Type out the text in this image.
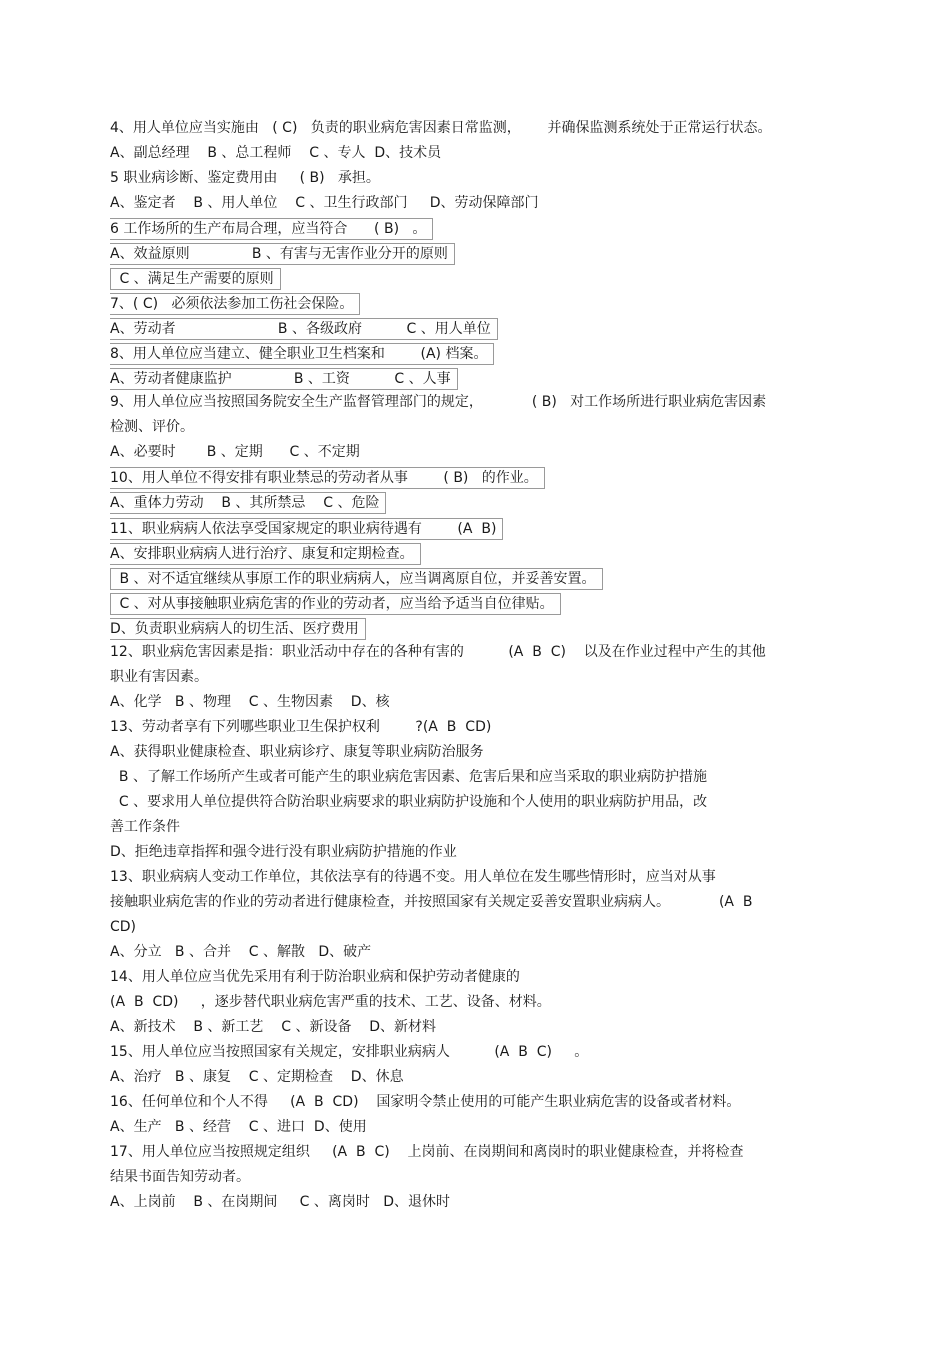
4、用人单位应当实施由   ( C)   负责的职业病危害因素日常监测，      并确保监测系统处于正常运行状态。
A、副总经理    B 、总工程师    C 、专人  D、技术员
5 职业病诊断、鉴定费用由     ( B)   承担。
A、鉴定者    B 、用人单位    C 、卫生行政部门     D、劳动保障部门
6 工作场所的生产布局合理，应当符合      ( B)   。
A、效益原则              B 、有害与无害作业分开的原则
C 、满足生产需要的原则
7、( C)   必须依法参加工伤社会保险。
A、劳动者                       B 、各级政府          C 、用人单位
8、用人单位应当建立、健全职业卫生档案和        (A) 档案。
A、劳动者健康监护              B 、工资          C 、人事
9、用人单位应当按照国务院安全生产监督管理部门的规定，           ( B)   对工作场所进行职业病危害因素
检测、评价。
A、必要时       B 、定期      C 、不定期
10、用人单位不得安排有职业禁忌的劳动者从事        ( B)   的作业。
A、重体力劳动    B 、其所禁忌    C 、危险
11、职业病病人依法享受国家规定的职业病待遇有        (A  B)
A、安排职业病病人进行治疗、康复和定期检查。
B 、对不适宜继续从事原工作的职业病病人，应当调离原自位，并妥善安置。
C 、对从事接触职业病危害的作业的劳动者，应当给予适当自位律贴。
D、负责职业病病人的切生活、医疗费用
12、职业病危害因素是指：职业活动中存在的各种有害的          (A  B  C)    以及在作业过程中产生的其他
职业有害因素。
A、化学   B 、物理    C 、生物因素    D、核
13、劳动者享有下列哪些职业卫生保护权利        ?(A  B  CD)
A、获得职业健康检查、职业病诊疗、康复等职业病防治服务
B 、了解工作场所产生或者可能产生的职业病危害因素、危害后果和应当采取的职业病防护措施
C 、要求用人单位提供符合防治职业病要求的职业病防护设施和个人使用的职业病防护用品，改
善工作条件
D、拒绝违章指挥和强令进行没有职业病防护措施的作业
13、职业病病人变动工作单位，其依法享有的待遇不变。用人单位在发生哪些情形时，应当对从事
接触职业病危害的作业的劳动者进行健康检查，并按照国家有关规定妥善安置职业病病人。           (A  B
CD)
A、分立   B 、合并    C 、解散   D、破产
14、用人单位应当优先采用有利于防治职业病和保护劳动者健康的
(A  B  CD)     ，逐步替代职业病危害严重的技术、工艺、设备、材料。
A、新技术    B 、新工艺    C 、新设备    D、新材料
15、用人单位应当按照国家有关规定，安排职业病病人          (A  B  C)     。
A、治疗   B 、康复    C 、定期检查    D、休息
16、任何单位和个人不得     (A  B  CD)    国家明令禁止使用的可能产生职业病危害的设备或者材料。
A、生产   B 、经营    C 、进口  D、使用
17、用人单位应当按照规定组织     (A  B  C)    上岗前、在岗期间和离岗时的职业健康检查，并将检查
结果书面告知劳动者。
A、上岗前    B 、在岗期间     C 、离岗时   D、退休时
